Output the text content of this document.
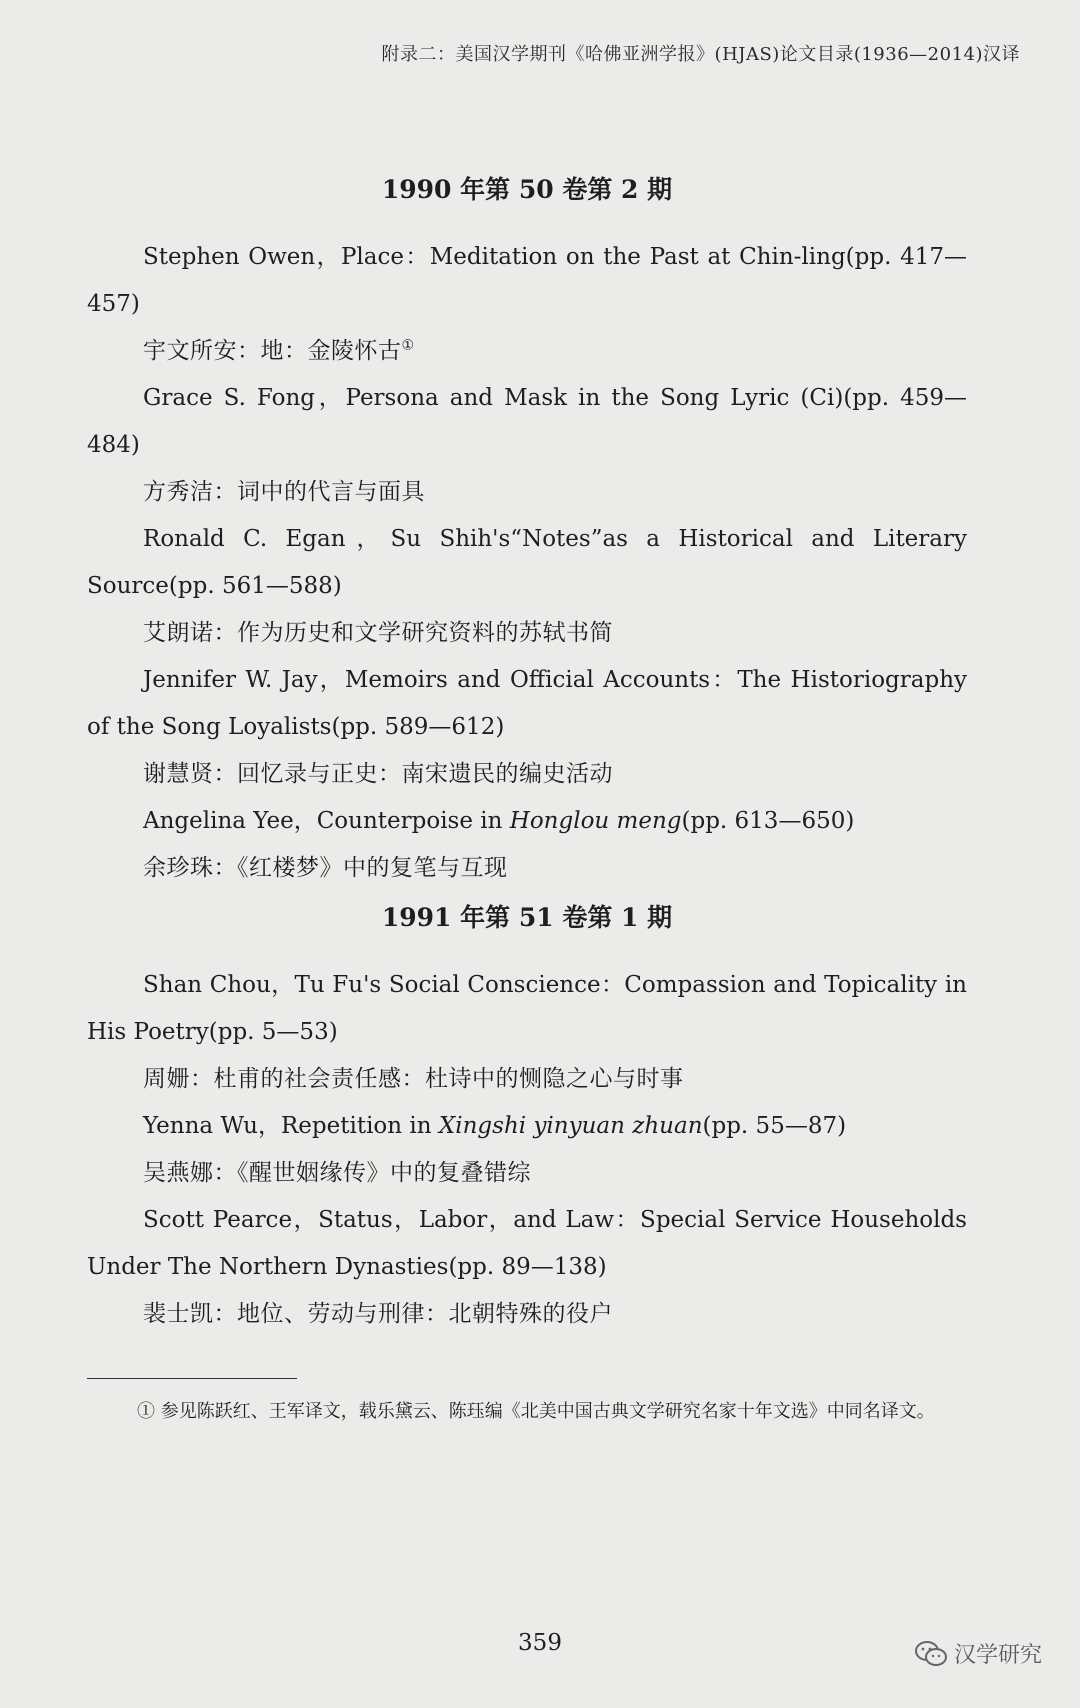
附录二：美国汉学期刊《哈佛亚洲学报》(HJAS)论文目录(1936—2014)汉译
1990 年第 50 卷第 2 期

Stephen Owen，Place：Meditation on the Past at Chin-ling(pp. 417—457)

宇文所安：地：金陵怀古①

Grace S. Fong，Persona and Mask in the Song Lyric (Ci)(pp. 459—484)

方秀洁：词中的代言与面具

Ronald C. Egan，Su Shih's“Notes”as a Historical and Literary Source(pp. 561—588)

艾朗诺：作为历史和文学研究资料的苏轼书简

Jennifer W. Jay，Memoirs and Official Accounts：The Historiography of the Song Loyalists(pp. 589—612)

谢慧贤：回忆录与正史：南宋遗民的编史活动

Angelina Yee，Counterpoise in Honglou meng(pp. 613—650)

余珍珠：《红楼梦》中的复笔与互现

1991 年第 51 卷第 1 期

Shan Chou，Tu Fu's Social Conscience：Compassion and Topicality in His Poetry(pp. 5—53)

周姗：杜甫的社会责任感：杜诗中的恻隐之心与时事

Yenna Wu，Repetition in Xingshi yinyuan zhuan(pp. 55—87)

吴燕娜：《醒世姻缘传》中的复叠错综

Scott Pearce，Status，Labor，and Law：Special Service Households Under The Northern Dynasties(pp. 89—138)

裴士凯：地位、劳动与刑律：北朝特殊的役户

① 参见陈跃红、王军译文，载乐黛云、陈珏编《北美中国古典文学研究名家十年文选》中同名译文。
359	汉学研究
